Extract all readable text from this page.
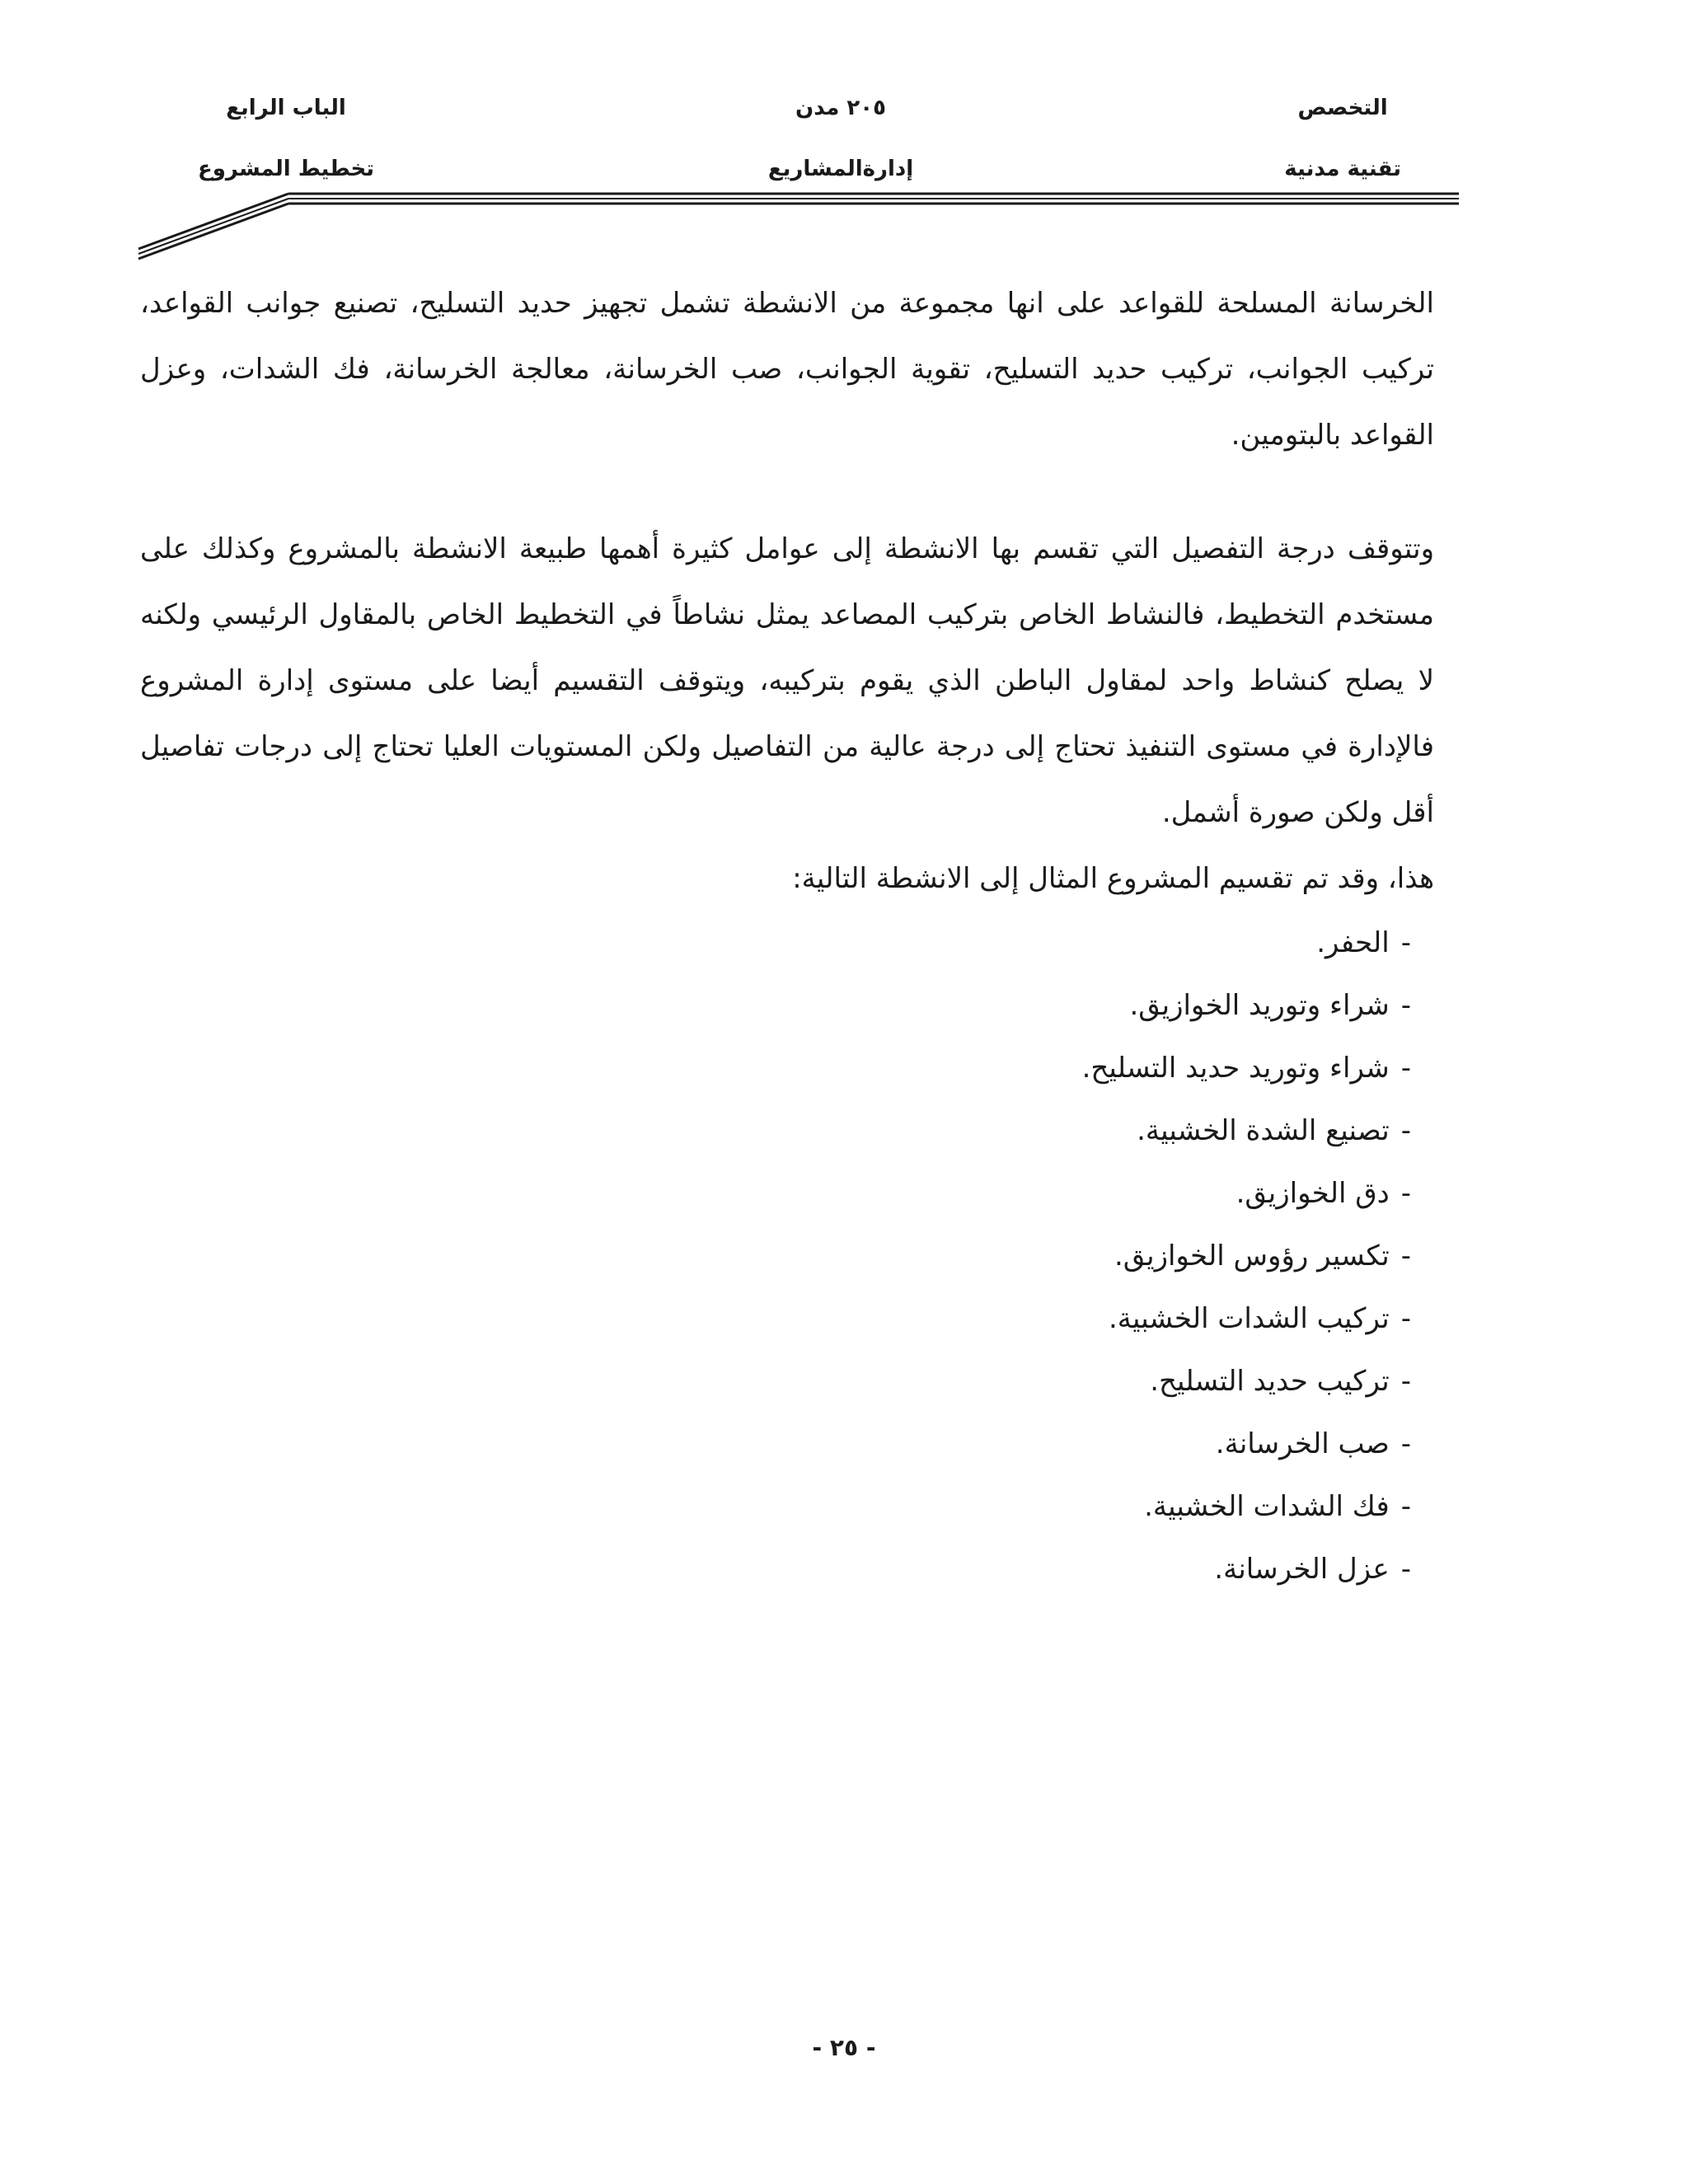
التخصص
تقنية مدنية
٢٠٥ مدن
إدارةالمشاريع
الباب الرابع
تخطيط المشروع

الخرسانة المسلحة للقواعد على انها مجموعة من الانشطة تشمل تجهيز حديد التسليح، تصنيع جوانب القواعد، تركيب الجوانب، تركيب حديد التسليح، تقوية الجوانب، صب الخرسانة، معالجة الخرسانة، فك الشدات، وعزل القواعد بالبتومين.

وتتوقف درجة التفصيل التي تقسم بها الانشطة إلى عوامل كثيرة أهمها طبيعة الانشطة بالمشروع وكذلك على مستخدم التخطيط، فالنشاط الخاص بتركيب المصاعد يمثل نشاطاً في التخطيط الخاص بالمقاول الرئيسي ولكنه لا يصلح كنشاط واحد لمقاول الباطن الذي يقوم بتركيبه، ويتوقف التقسيم أيضا على مستوى إدارة المشروع فالإدارة في مستوى التنفيذ تحتاج إلى درجة عالية من التفاصيل ولكن المستويات العليا تحتاج إلى درجات تفاصيل أقل ولكن صورة أشمل.

هذا، وقد تم تقسيم المشروع المثال إلى الانشطة التالية:

-الحفر.
-شراء وتوريد الخوازيق.
-شراء وتوريد حديد التسليح.
-تصنيع الشدة الخشبية.
-دق الخوازيق.
-تكسير رؤوس الخوازيق.
-تركيب الشدات الخشبية.
-تركيب حديد التسليح.
-صب الخرسانة.
-فك الشدات الخشبية.
-عزل الخرسانة.
- ٢٥ -
